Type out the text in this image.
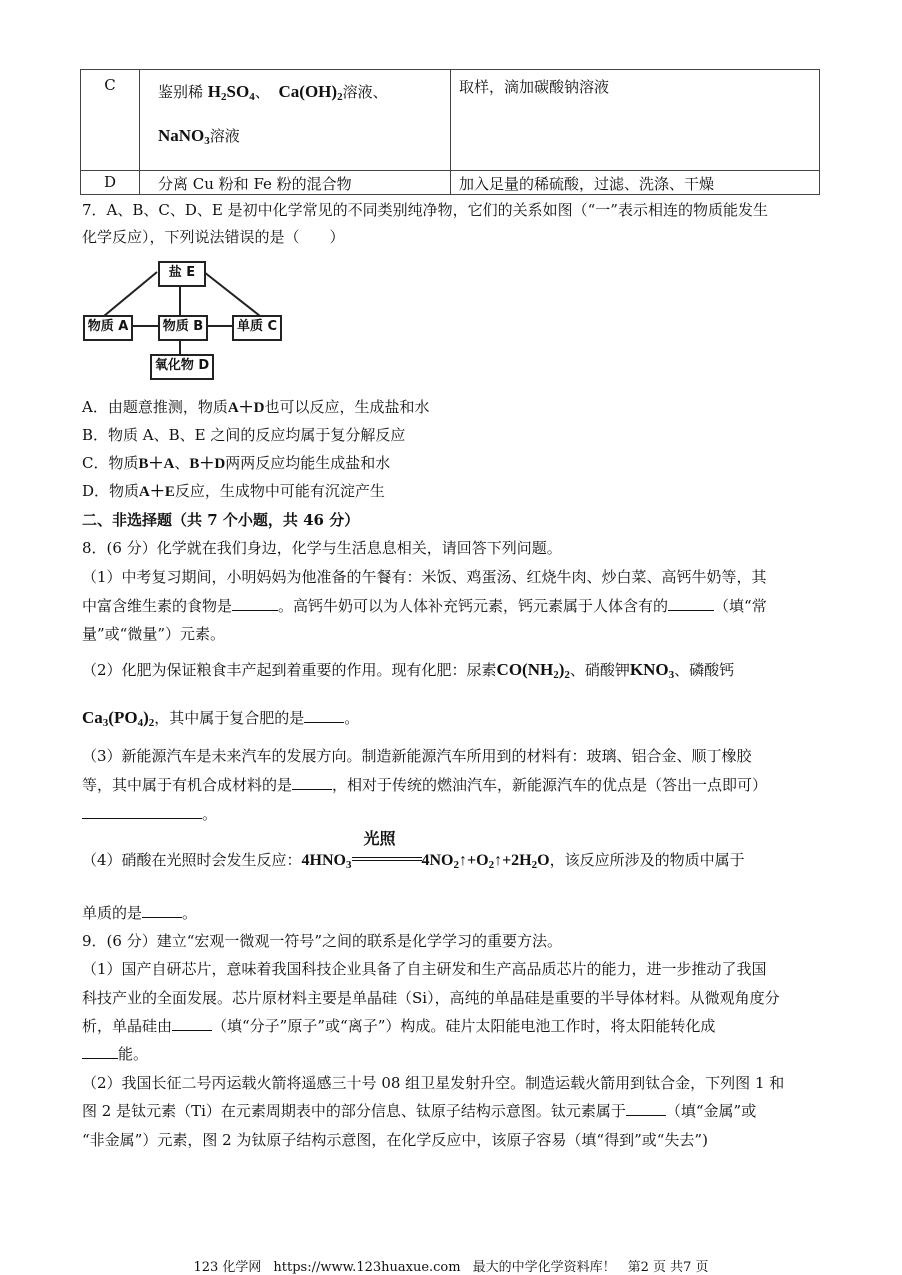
C	鉴别稀 $H_2SO_4$、 $Ca(OH)_2$溶液、
NaNO$_3$溶液	取样，滴加碳酸钠溶液

D	分离 Cu 粉和 Fe 粉的混合物	加入足量的稀硫酸，过滤、洗涤、干燥
7．A、B、C、D、E 是初中化学常见的不同类别纯净物，它们的关系如图（“一”表示相连的物质能发生
化学反应），下列说法错误的是（　　）
盐 E
物质 A	物质 B	单质 C
氧化物 D
A．由题意推测，物质A＋D也可以反应，生成盐和水
B．物质 A、B、E 之间的反应均属于复分解反应
C．物质B＋A、B＋D两两反应均能生成盐和水
D．物质A＋E反应，生成物中可能有沉淀产生
二、非选择题（共 7 个小题，共 46 分）
8．(6 分）化学就在我们身边，化学与生活息息相关，请回答下列问题。
（1）中考复习期间，小明妈妈为他准备的午餐有：米饭、鸡蛋汤、红烧牛肉、炒白菜、高钙牛奶等，其
中富含维生素的食物是	。高钙牛奶可以为人体补充钙元素，钙元素属于人体含有的	（填“常
量”或“微量”）元素。
（2）化肥为保证粮食丰产起到着重要的作用。现有化肥：尿素$CO(NH_2)_2$、硝酸钾$KNO_3$、磷酸钙
$Ca_3(PO_4)_2$，其中属于复合肥的是	。
（3）新能源汽车是未来汽车的发展方向。制造新能源汽车所用到的材料有：玻璃、铝合金、顺丁橡胶
等，其中属于有机合成材料的是	，相对于传统的燃油汽车，新能源汽车的优点是（答出一点即可）
。
（4）硝酸在光照时会发生反应：$4HNO_3$
光照
$4NO_2↑+O_2↑+2H_2O$，该反应所涉及的物质中属于
单质的是	。
9．(6 分）建立“宏观一微观一符号”之间的联系是化学学习的重要方法。
（1）国产自研芯片，意味着我国科技企业具备了自主研发和生产高品质芯片的能力，进一步推动了我国
科技产业的全面发展。芯片原材料主要是单晶硅（Si），高纯的单晶硅是重要的半导体材料。从微观角度分
析，单晶硅由	（填“分子”原子”或“离子”）构成。硅片太阳能电池工作时，将太阳能转化成
能。
（2）我国长征二号丙运载火箭将遥感三十号 08 组卫星发射升空。制造运载火箭用到钛合金，下列图 1 和
图 2 是钛元素（Ti）在元素周期表中的部分信息、钛原子结构示意图。钛元素属于	（填“金属”或
“非金属”）元素，图 2 为钛原子结构示意图，在化学反应中，该原子容易（填“得到”或“失去”)
123 化学网 https://www.123huaxue.com 最大的中学化学资料库！ 第2 页 共7 页
